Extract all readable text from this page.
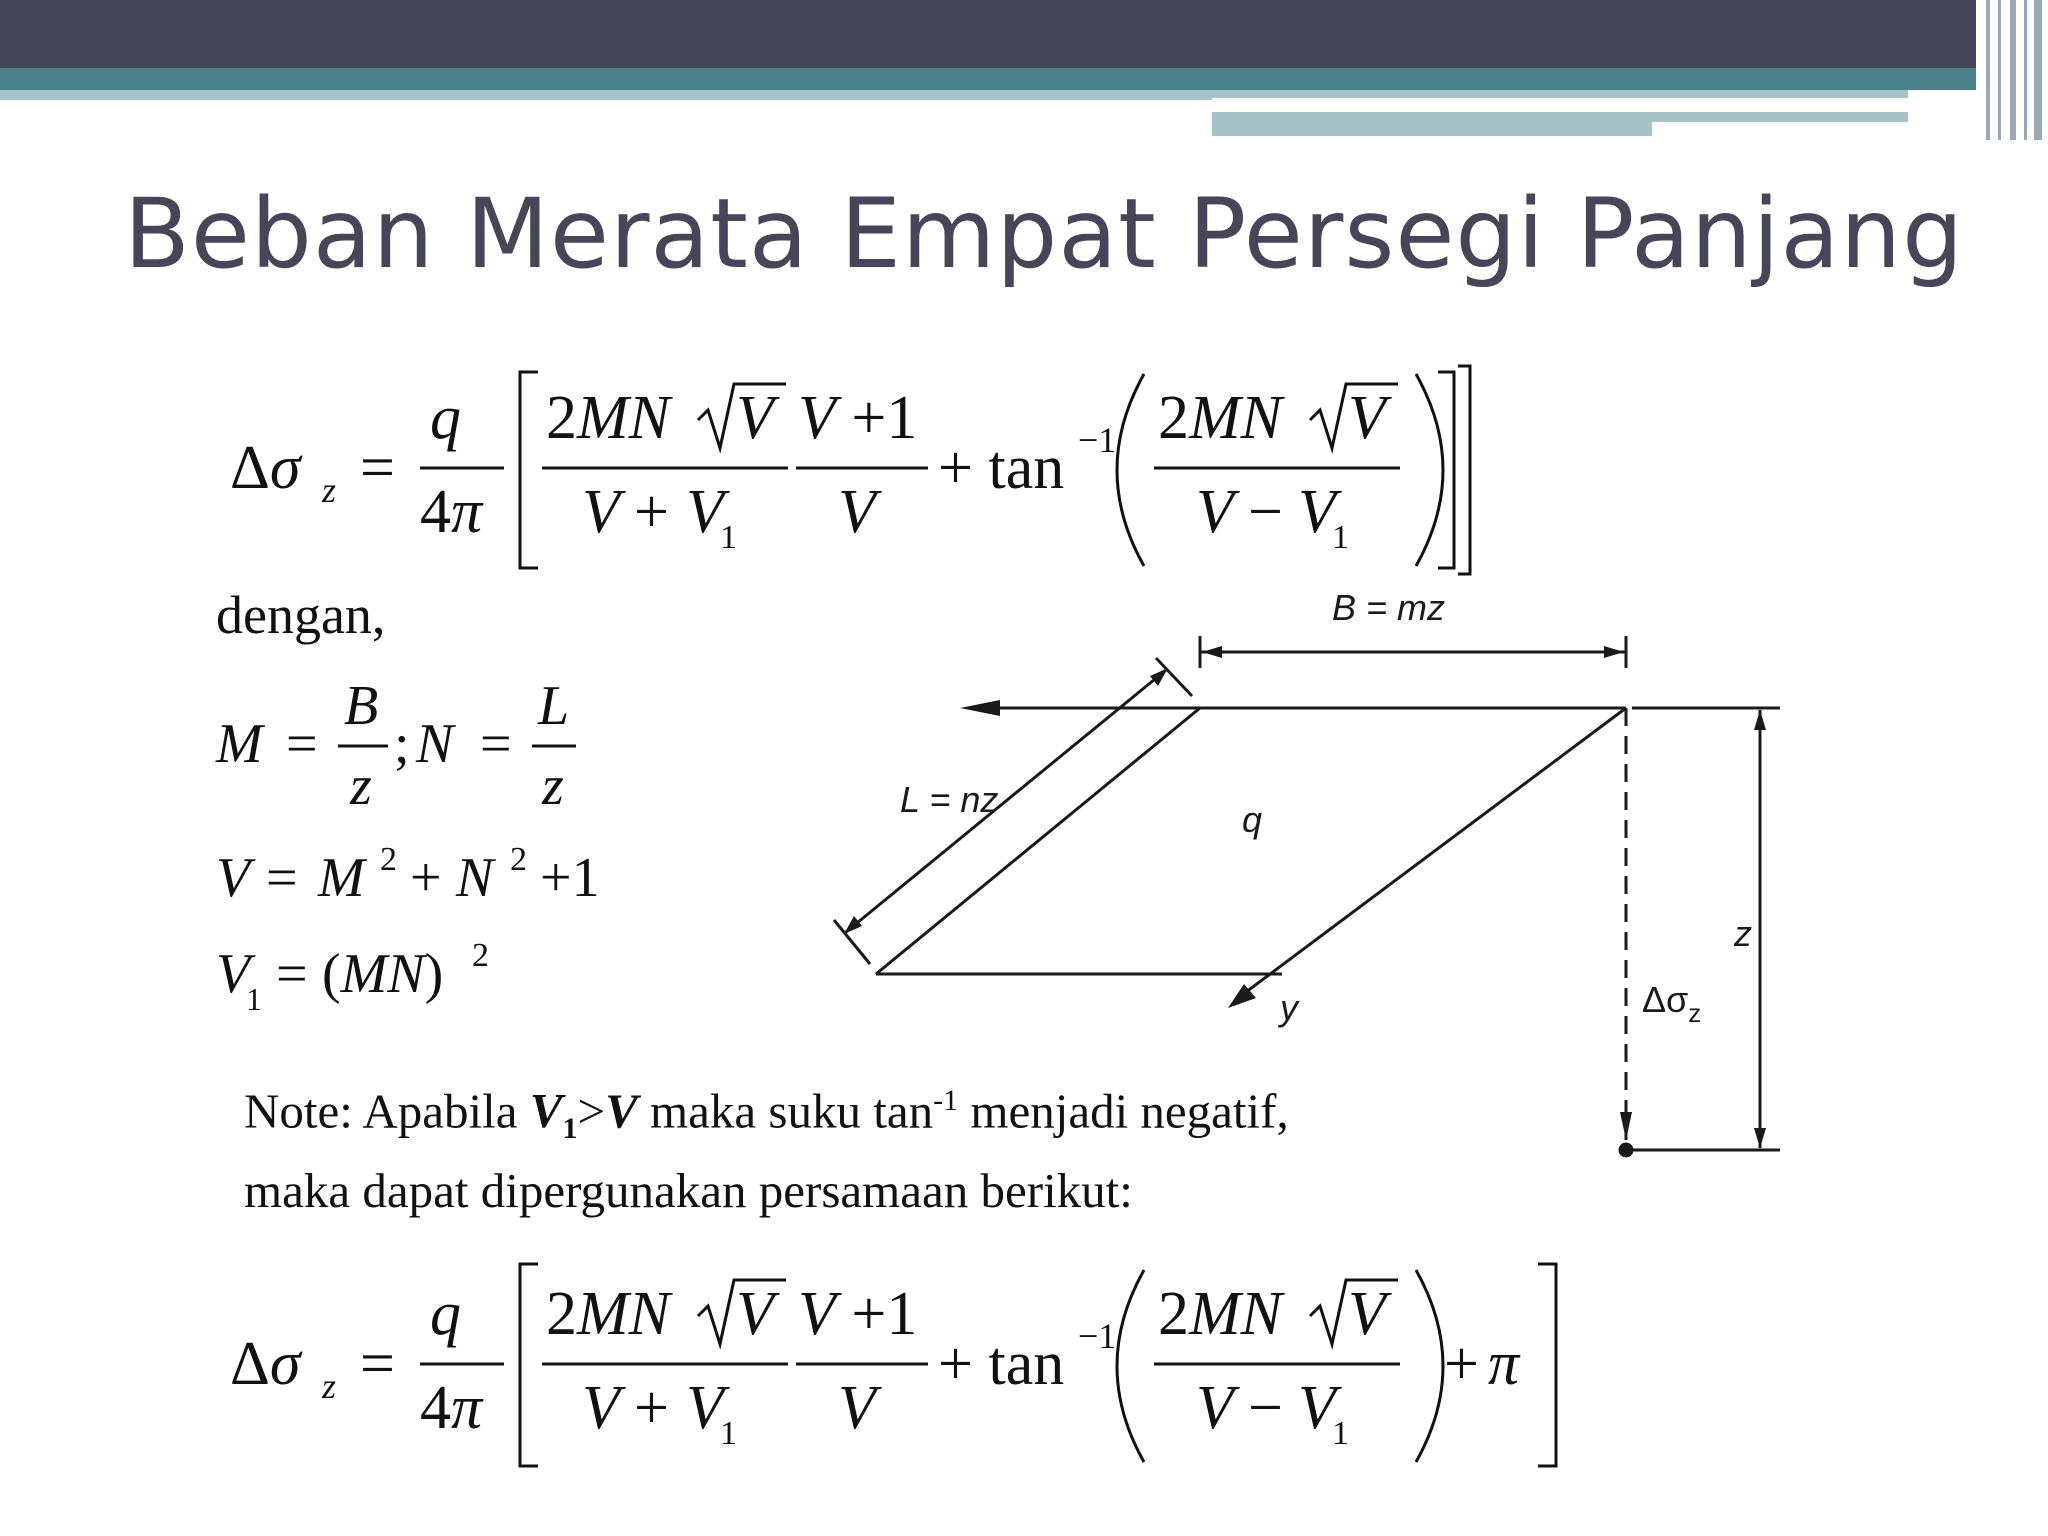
Beban Merata Empat Persegi Panjang
Δσ z =
q
4π
2MN V
V + V
1
V +1
V
+ tan −1 2MN V
V − V
1
dengan,
M =
B
z
; N =
L
z
V = M 2 + N 2 +1
V
1 = (MN) 2
B = mz
L = nz	q
z
y	$\Delta\sigma_z$
Note: Apabila $V_1>V$ maka suku $\tan^{-1}$ menjadi negatif,
maka dapat dipergunakan persamaan berikut:
Δσ z =
q
4π
2MN V
V + V
1
V +1
V
+ tan −1 2MN V
V − V
1
+ π
